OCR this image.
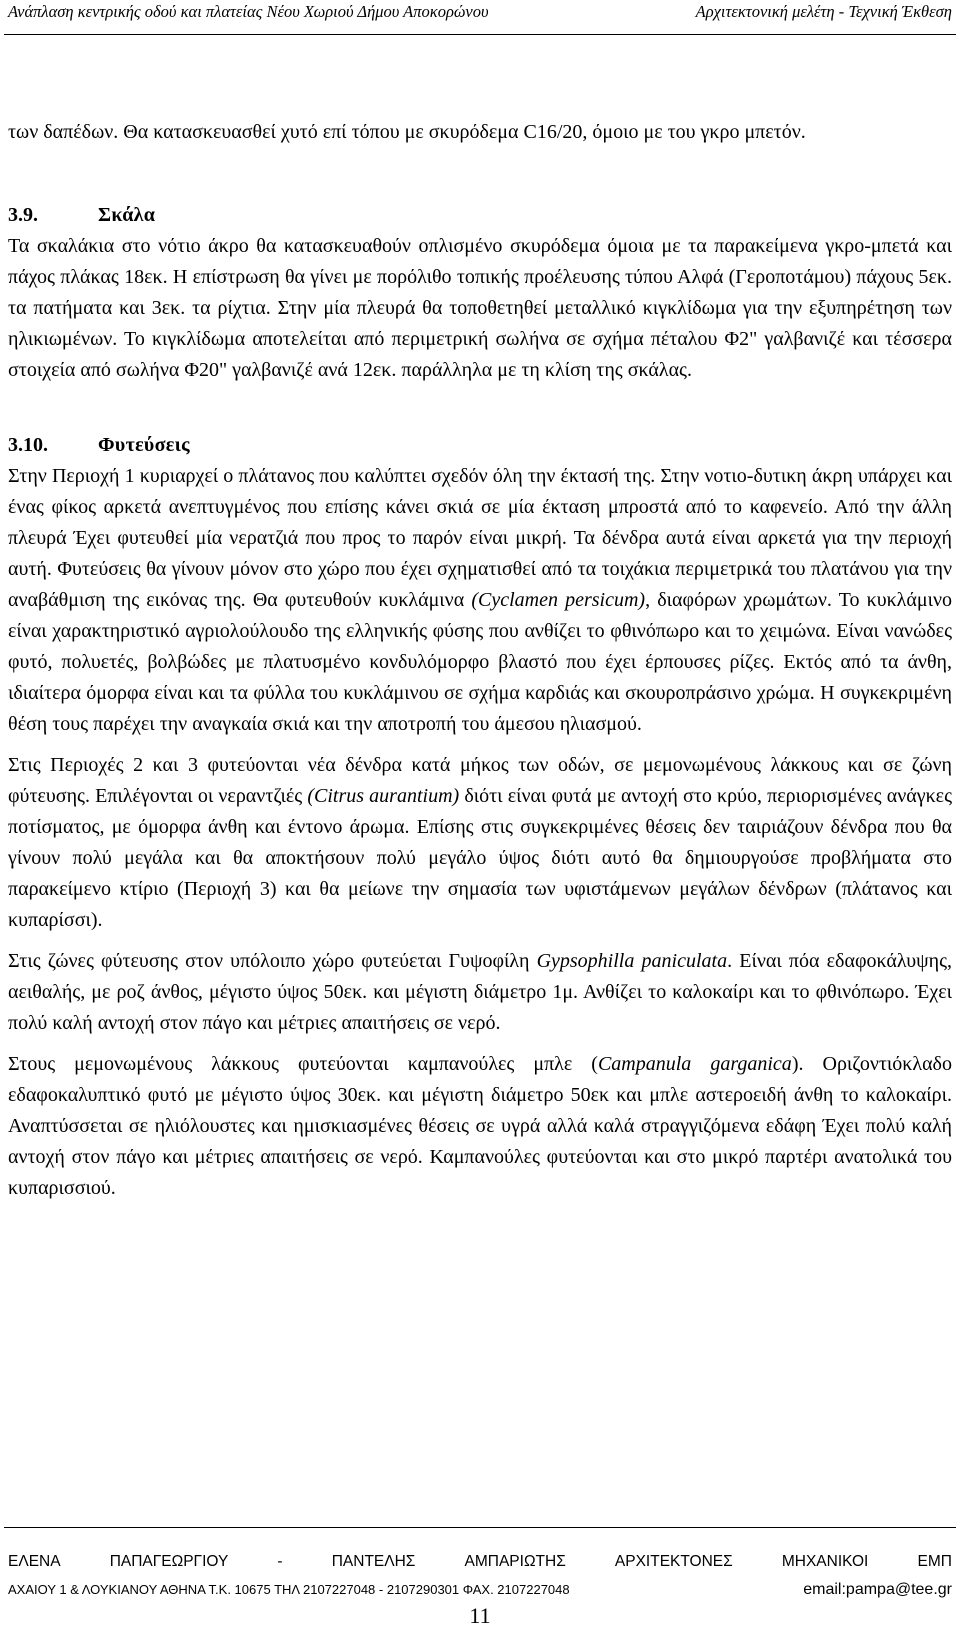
Ανάπλαση κεντρικής οδού και πλατείας Νέου Χωριού Δήμου Αποκορώνου	Αρχιτεκτονική μελέτη - Τεχνική Έκθεση

των δαπέδων. Θα κατασκευασθεί χυτό επί τόπου με σκυρόδεμα C16/20, όμοιο με του γκρο μπετόν.

3.9.	Σκάλα

Τα σκαλάκια στο νότιο άκρο θα κατασκευαθούν οπλισμένο σκυρόδεμα όμοια με τα παρακείμενα γκρο-μπετά και πάχος πλάκας 18εκ. Η επίστρωση θα γίνει με πορόλιθο τοπικής προέλευσης τύπου Αλφά (Γεροποτάμου) πάχους 5εκ. τα πατήματα και 3εκ. τα ρίχτια. Στην μία πλευρά θα τοποθετηθεί μεταλλικό κιγκλίδωμα για την εξυπηρέτηση των ηλικιωμένων. Το κιγκλίδωμα αποτελείται από περιμετρική σωλήνα σε σχήμα πέταλου Φ2" γαλβανιζέ και τέσσερα στοιχεία από σωλήνα Φ20" γαλβανιζέ ανά 12εκ. παράλληλα με τη κλίση της σκάλας.

3.10.	Φυτεύσεις

Στην Περιοχή 1 κυριαρχεί ο πλάτανος που καλύπτει σχεδόν όλη την έκτασή της. Στην νοτιο-δυτικη άκρη υπάρχει και ένας φίκος αρκετά ανεπτυγμένος που επίσης κάνει σκιά σε μία έκταση μπροστά από το καφενείο. Από την άλλη πλευρά Έχει φυτευθεί μία νερατζιά που προς το παρόν είναι μικρή. Τα δένδρα αυτά είναι αρκετά για την περιοχή αυτή. Φυτεύσεις θα γίνουν μόνον στο χώρο που έχει σχηματισθεί από τα τοιχάκια περιμετρικά του πλατάνου για την αναβάθμιση της εικόνας της. Θα φυτευθούν κυκλάμινα (Cyclamen persicum), διαφόρων χρωμάτων. Το κυκλάμινο είναι χαρακτηριστικό αγριολούλουδο της ελληνικής φύσης που ανθίζει το φθινόπωρο και το χειμώνα. Είναι νανώδες φυτό, πολυετές, βολβώδες με πλατυσμένο κονδυλόμορφο βλαστό που έχει έρπουσες ρίζες. Εκτός από τα άνθη, ιδιαίτερα όμορφα είναι και τα φύλλα του κυκλάμινου σε σχήμα καρδιάς και σκουροπράσινο χρώμα. Η συγκεκριμένη θέση τους παρέχει την αναγκαία σκιά και την αποτροπή του άμεσου ηλιασμού.

Στις Περιοχές 2 και 3 φυτεύονται νέα δένδρα κατά μήκος των οδών, σε μεμονωμένους λάκκους και σε ζώνη φύτευσης. Επιλέγονται οι νεραντζιές (Citrus aurantium) διότι είναι φυτά με αντοχή στο κρύο, περιορισμένες ανάγκες ποτίσματος, με όμορφα άνθη και έντονο άρωμα. Επίσης στις συγκεκριμένες θέσεις δεν ταιριάζουν δένδρα που θα γίνουν πολύ μεγάλα και θα αποκτήσουν πολύ μεγάλο ύψος διότι αυτό θα δημιουργούσε προβλήματα στο παρακείμενο κτίριο (Περιοχή 3) και θα μείωνε την σημασία των υφιστάμενων μεγάλων δένδρων (πλάτανος και κυπαρίσσι).

Στις ζώνες φύτευσης στον υπόλοιπο χώρο φυτεύεται Γυψοφίλη Gypsophilla paniculata. Είναι πόα εδαφοκάλυψης, αειθαλής, με ροζ άνθος, μέγιστο ύψος 50εκ. και μέγιστη διάμετρο 1μ. Ανθίζει το καλοκαίρι και το φθινόπωρο. Έχει πολύ καλή αντοχή στον πάγο και μέτριες απαιτήσεις σε νερό.

Στους μεμονωμένους λάκκους φυτεύονται καμπανούλες μπλε (Campanula garganica). Οριζοντιόκλαδο εδαφοκαλυπτικό φυτό με μέγιστο ύψος 30εκ. και μέγιστη διάμετρο 50εκ και μπλε αστεροειδή άνθη το καλοκαίρι. Αναπτύσσεται σε ηλιόλουστες και ημισκιασμένες θέσεις σε υγρά αλλά καλά στραγγιζόμενα εδάφη Έχει πολύ καλή αντοχή στον πάγο και μέτριες απαιτήσεις σε νερό. Καμπανούλες φυτεύονται και στο μικρό παρτέρι ανατολικά του κυπαρισσιού.

ΕΛΕΝΑ	ΠΑΠΑΓΕΩΡΓΙΟΥ	-	ΠΑΝΤΕΛΗΣ	ΑΜΠΑΡΙΩΤΗΣ	ΑΡΧΙΤΕΚΤΟΝΕΣ	ΜΗΧΑΝΙΚΟΙ	ΕΜΠ
ΑΧΑΙΟΥ 1 & ΛΟΥΚΙΑΝΟΥ ΑΘΗΝΑ Τ.Κ. 10675 ΤΗΛ 2107227048 - 2107290301 ΦΑΧ. 2107227048	email:pampa@tee.gr
11
